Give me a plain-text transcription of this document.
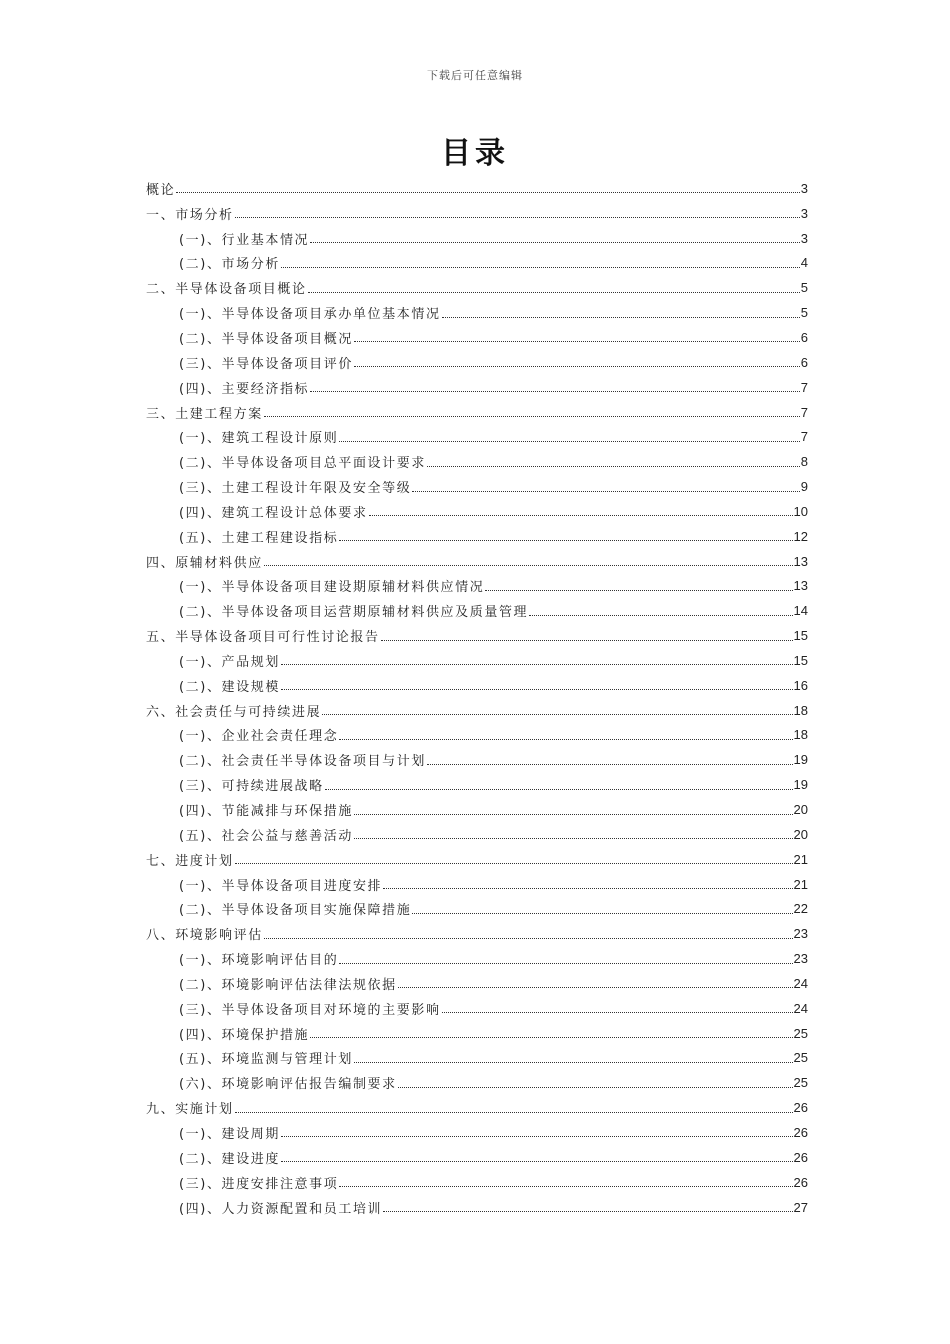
下载后可任意编辑
目录
概论	3
一、市场分析	3
(一)、行业基本情况	3
(二)、市场分析	4
二、半导体设备项目概论	5
(一)、半导体设备项目承办单位基本情况	5
(二)、半导体设备项目概况	6
(三)、半导体设备项目评价	6
(四)、主要经济指标	7
三、土建工程方案	7
(一)、建筑工程设计原则	7
(二)、半导体设备项目总平面设计要求	8
(三)、土建工程设计年限及安全等级	9
(四)、建筑工程设计总体要求	10
(五)、土建工程建设指标	12
四、原辅材料供应	13
(一)、半导体设备项目建设期原辅材料供应情况	13
(二)、半导体设备项目运营期原辅材料供应及质量管理	14
五、半导体设备项目可行性讨论报告	15
(一)、产品规划	15
(二)、建设规模	16
六、社会责任与可持续进展	18
(一)、企业社会责任理念	18
(二)、社会责任半导体设备项目与计划	19
(三)、可持续进展战略	19
(四)、节能减排与环保措施	20
(五)、社会公益与慈善活动	20
七、进度计划	21
(一)、半导体设备项目进度安排	21
(二)、半导体设备项目实施保障措施	22
八、环境影响评估	23
(一)、环境影响评估目的	23
(二)、环境影响评估法律法规依据	24
(三)、半导体设备项目对环境的主要影响	24
(四)、环境保护措施	25
(五)、环境监测与管理计划	25
(六)、环境影响评估报告编制要求	25
九、实施计划	26
(一)、建设周期	26
(二)、建设进度	26
(三)、进度安排注意事项	26
(四)、人力资源配置和员工培训	27
